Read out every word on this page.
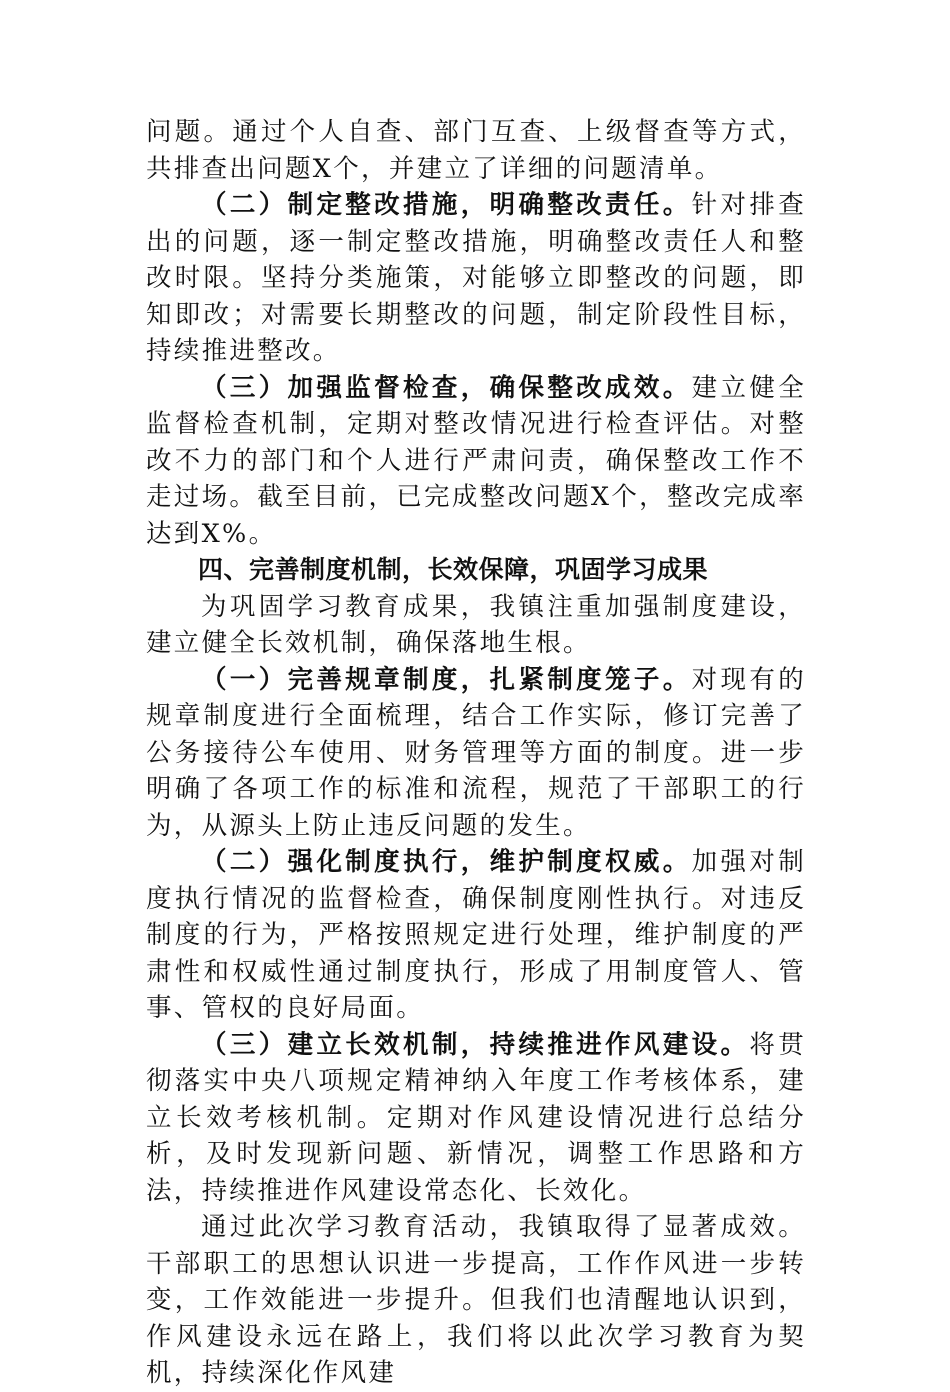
问题。通过个人自查、部门互查、上级督查等方式，共排查出问题X个，并建立了详细的问题清单。

（二）制定整改措施，明确整改责任。针对排查出的问题，逐一制定整改措施，明确整改责任人和整改时限。坚持分类施策，对能够立即整改的问题，即知即改；对需要长期整改的问题，制定阶段性目标，持续推进整改。

（三）加强监督检查，确保整改成效。建立健全监督检查机制，定期对整改情况进行检查评估。对整改不力的部门和个人进行严肃问责，确保整改工作不走过场。截至目前，已完成整改问题X个，整改完成率达到X%。

四、完善制度机制，长效保障，巩固学习成果

为巩固学习教育成果，我镇注重加强制度建设，建立健全长效机制，确保落地生根。

（一）完善规章制度，扎紧制度笼子。对现有的规章制度进行全面梳理，结合工作实际，修订完善了公务接待公车使用、财务管理等方面的制度。进一步明确了各项工作的标准和流程，规范了干部职工的行为，从源头上防止违反问题的发生。

（二）强化制度执行，维护制度权威。加强对制度执行情况的监督检查，确保制度刚性执行。对违反制度的行为，严格按照规定进行处理，维护制度的严肃性和权威性通过制度执行，形成了用制度管人、管事、管权的良好局面。

（三）建立长效机制，持续推进作风建设。将贯彻落实中央八项规定精神纳入年度工作考核体系，建立长效考核机制。定期对作风建设情况进行总结分析，及时发现新问题、新情况，调整工作思路和方法，持续推进作风建设常态化、长效化。

通过此次学习教育活动，我镇取得了显著成效。干部职工的思想认识进一步提高，工作作风进一步转变，工作效能进一步提升。但我们也清醒地认识到，作风建设永远在路上，我们将以此次学习教育为契机，持续深化作风建
